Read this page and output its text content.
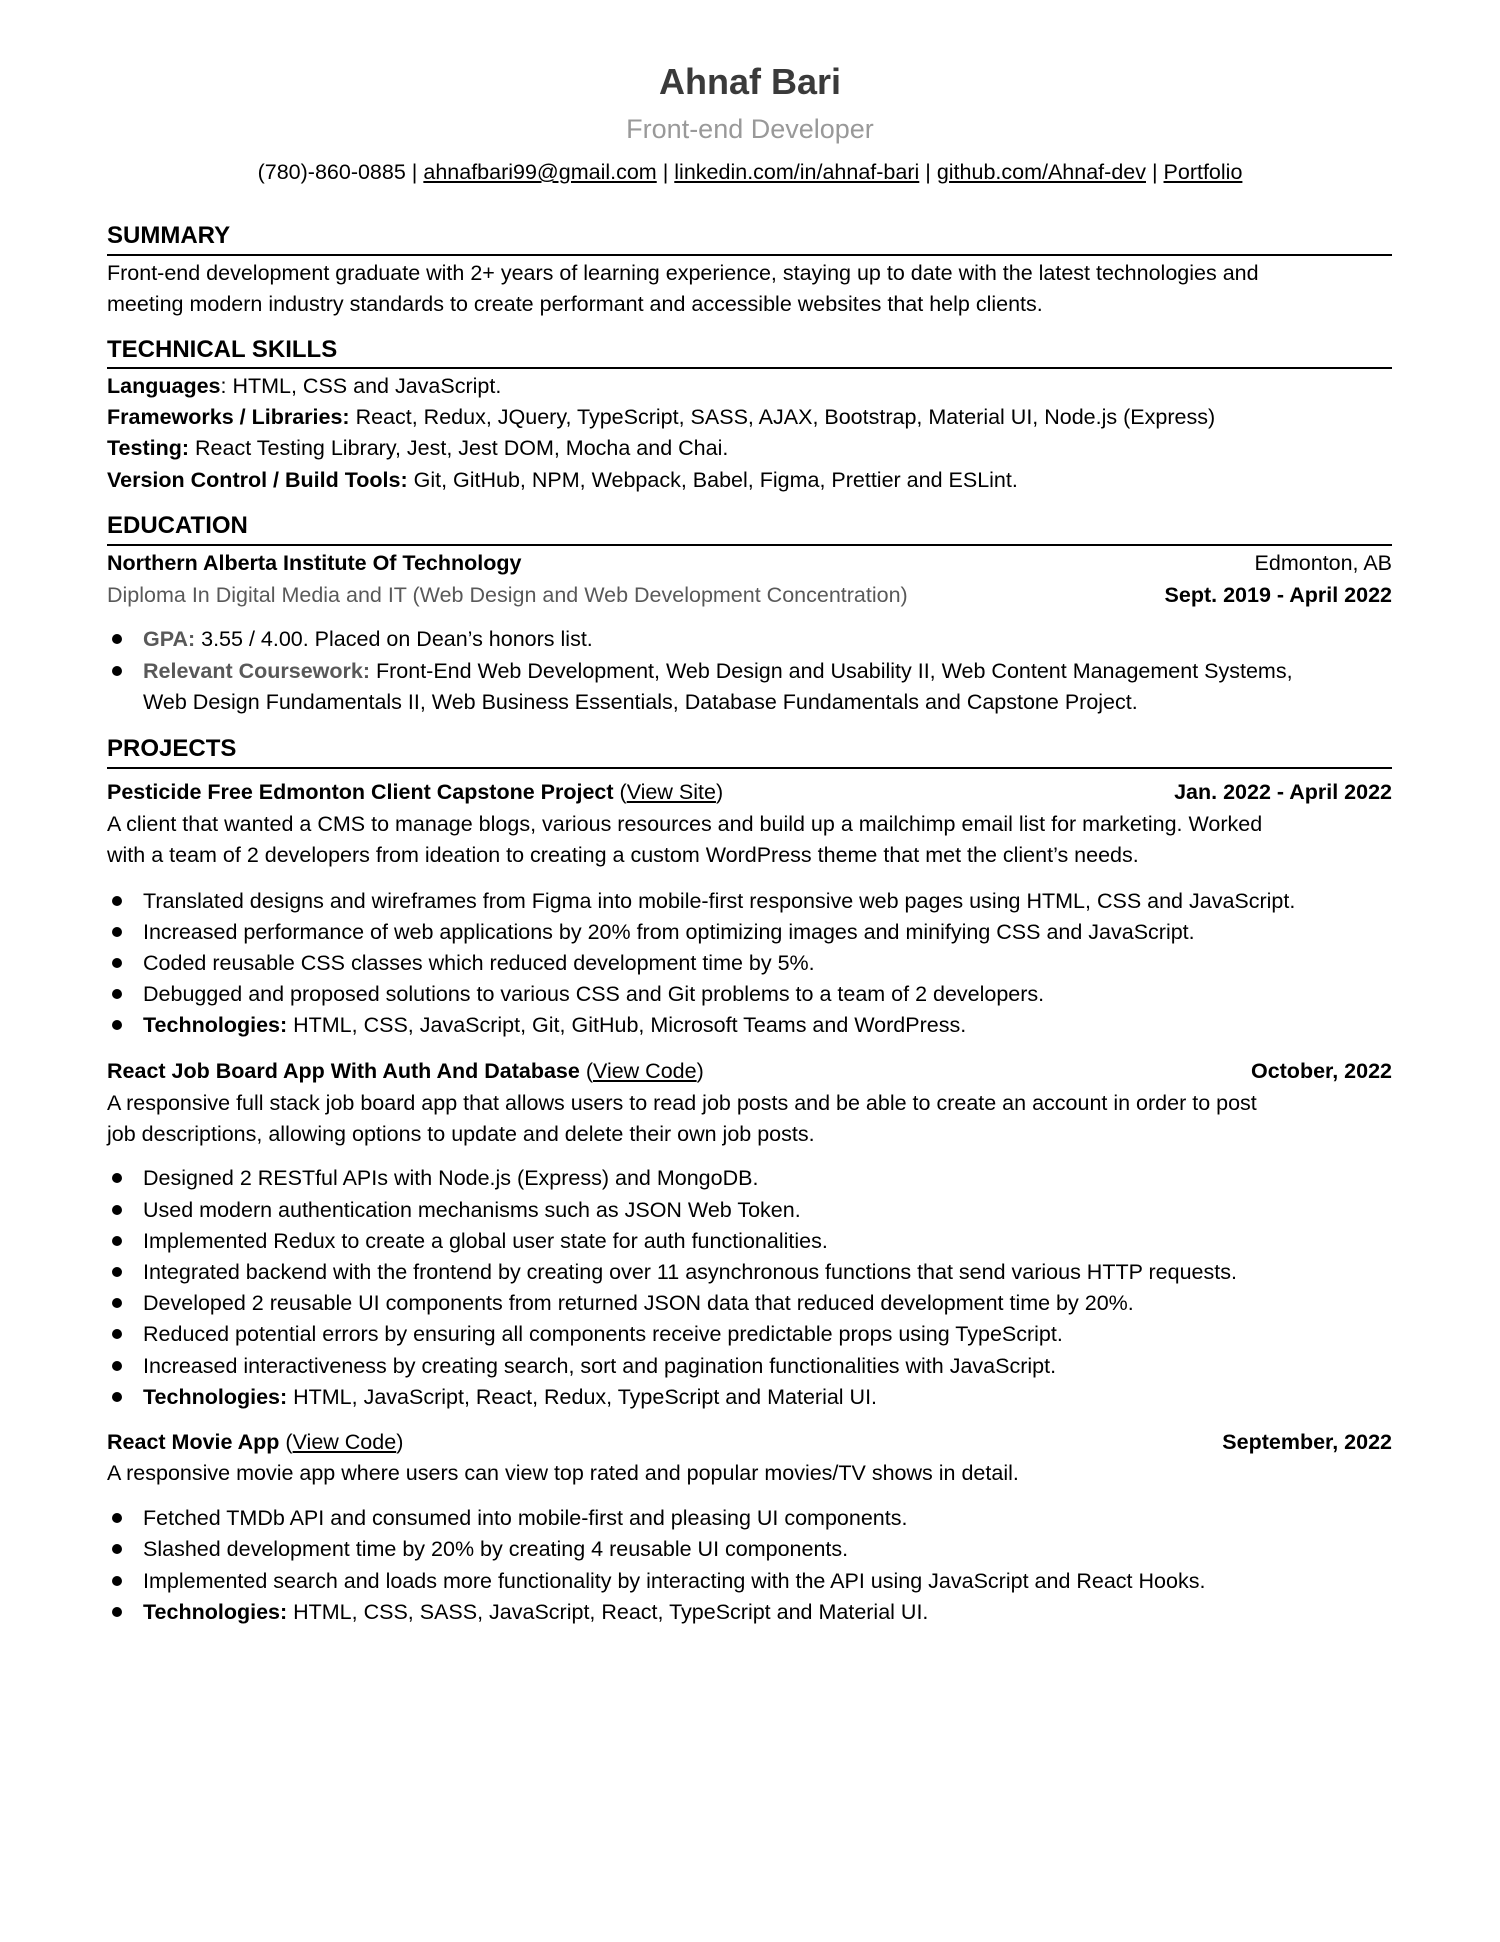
Ahnaf Bari
Front-end Developer
(780)-860-0885 | ahnafbari99@gmail.com | linkedin.com/in/ahnaf-bari | github.com/Ahnaf-dev | Portfolio
SUMMARY
Front-end development graduate with 2+ years of learning experience, staying up to date with the latest technologies and
meeting modern industry standards to create performant and accessible websites that help clients.
TECHNICAL SKILLS
Languages: HTML, CSS and JavaScript.
Frameworks / Libraries: React, Redux, JQuery, TypeScript, SASS, AJAX, Bootstrap, Material UI, Node.js (Express)
Testing: React Testing Library, Jest, Jest DOM, Mocha and Chai.
Version Control / Build Tools: Git, GitHub, NPM, Webpack, Babel, Figma, Prettier and ESLint.
EDUCATION
Northern Alberta Institute Of Technology	Edmonton, AB
Diploma In Digital Media and IT (Web Design and Web Development Concentration)	Sept. 2019 - April 2022
GPA: 3.55 / 4.00. Placed on Dean’s honors list.
Relevant Coursework: Front-End Web Development, Web Design and Usability II, Web Content Management Systems,
Web Design Fundamentals II, Web Business Essentials, Database Fundamentals and Capstone Project.
PROJECTS
Pesticide Free Edmonton Client Capstone Project (View Site)	Jan. 2022 - April 2022
A client that wanted a CMS to manage blogs, various resources and build up a mailchimp email list for marketing. Worked
with a team of 2 developers from ideation to creating a custom WordPress theme that met the client’s needs.
Translated designs and wireframes from Figma into mobile-first responsive web pages using HTML, CSS and JavaScript.
Increased performance of web applications by 20% from optimizing images and minifying CSS and JavaScript.
Coded reusable CSS classes which reduced development time by 5%.
Debugged and proposed solutions to various CSS and Git problems to a team of 2 developers.
Technologies: HTML, CSS, JavaScript, Git, GitHub, Microsoft Teams and WordPress.
React Job Board App With Auth And Database (View Code)	October, 2022
A responsive full stack job board app that allows users to read job posts and be able to create an account in order to post
job descriptions, allowing options to update and delete their own job posts.
Designed 2 RESTful APIs with Node.js (Express) and MongoDB.
Used modern authentication mechanisms such as JSON Web Token.
Implemented Redux to create a global user state for auth functionalities.
Integrated backend with the frontend by creating over 11 asynchronous functions that send various HTTP requests.
Developed 2 reusable UI components from returned JSON data that reduced development time by 20%.
Reduced potential errors by ensuring all components receive predictable props using TypeScript.
Increased interactiveness by creating search, sort and pagination functionalities with JavaScript.
Technologies: HTML, JavaScript, React, Redux, TypeScript and Material UI.
React Movie App (View Code)	September, 2022
A responsive movie app where users can view top rated and popular movies/TV shows in detail.
Fetched TMDb API and consumed into mobile-first and pleasing UI components.
Slashed development time by 20% by creating 4 reusable UI components.
Implemented search and loads more functionality by interacting with the API using JavaScript and React Hooks.
Technologies: HTML, CSS, SASS, JavaScript, React, TypeScript and Material UI.
